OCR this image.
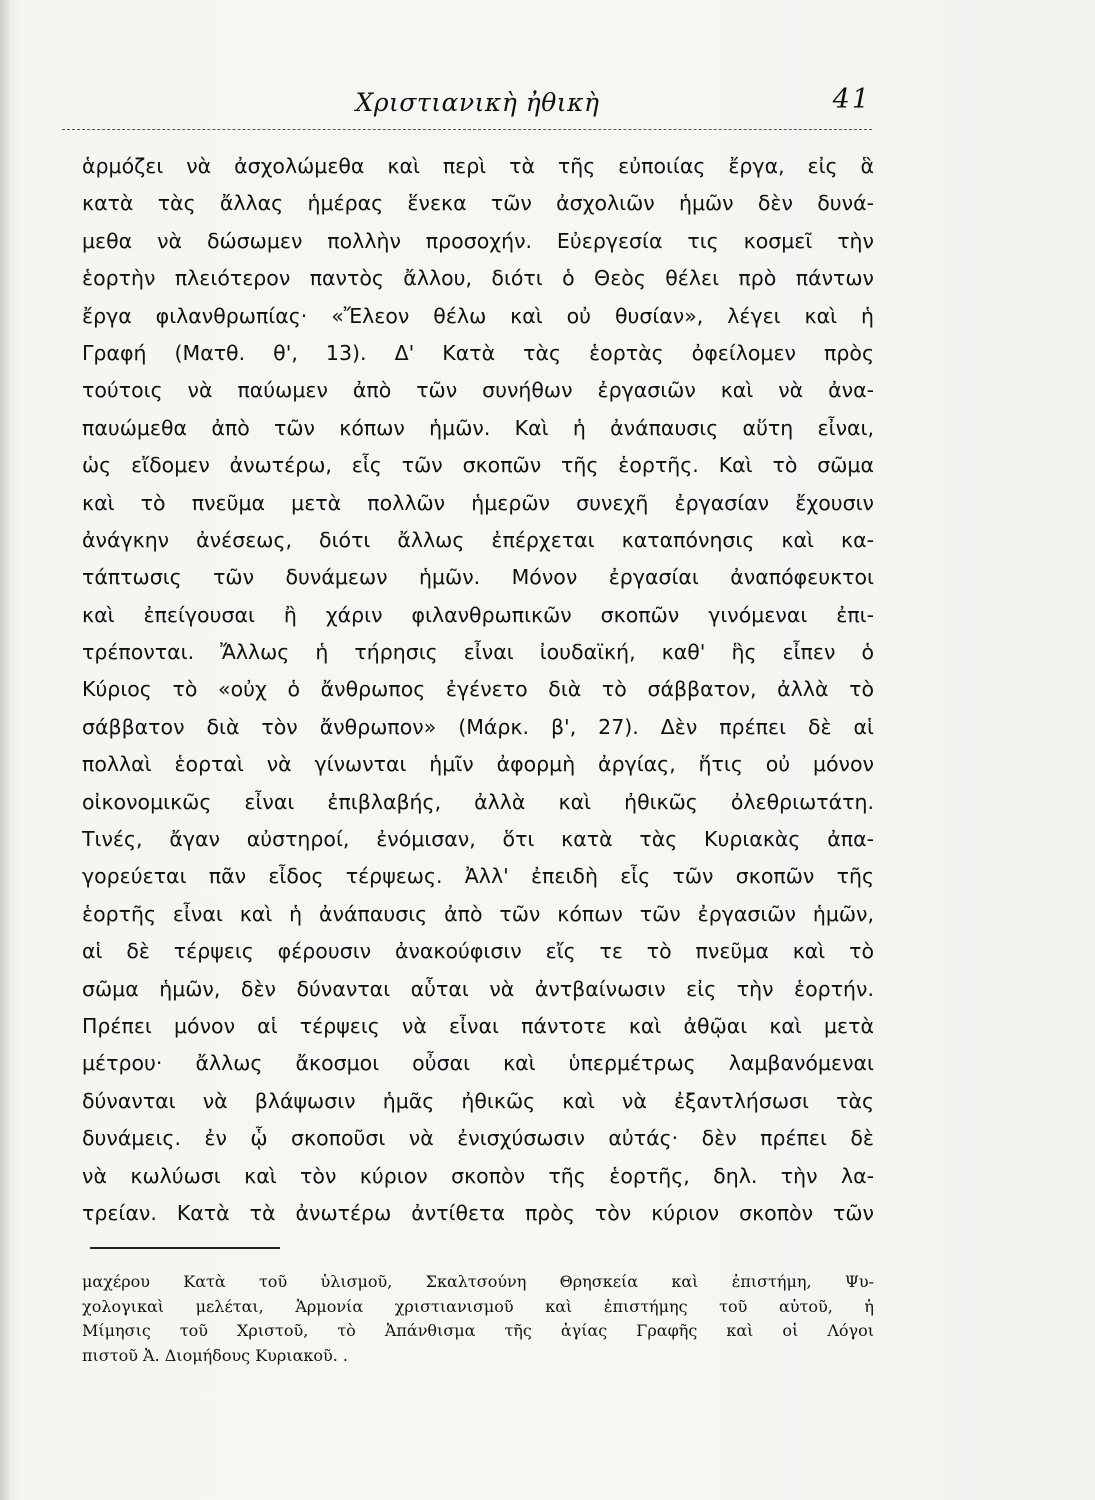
Χριστιανικὴ ἠθικὴ	41
ἁρμόζει νὰ ἀσχολώμεθα καὶ περὶ τὰ τῆς εὐποιίας ἔργα, εἰς ἃ
κατὰ τὰς ἄλλας ἡμέρας ἕνεκα τῶν ἀσχολιῶν ἡμῶν δὲν δυνά-
μεθα νὰ δώσωμεν πολλὴν προσοχήν. Εὐεργεσία τις κοσμεῖ τὴν
ἑορτὴν πλειότερον παντὸς ἄλλου, διότι ὁ Θεὸς θέλει πρὸ πάντων
ἔργα φιλανθρωπίας· «Ἔλεον θέλω καὶ οὐ θυσίαν», λέγει καὶ ἡ
Γραφή (Ματθ. θ', 13). Δ' Κατὰ τὰς ἑορτὰς ὀφείλομεν πρὸς
τούτοις νὰ παύωμεν ἀπὸ τῶν συνήθων ἐργασιῶν καὶ νὰ ἀνα-
παυώμεθα ἀπὸ τῶν κόπων ἡμῶν. Καὶ ἡ ἀνάπαυσις αὕτη εἶναι,
ὡς εἴδομεν ἀνωτέρω, εἷς τῶν σκοπῶν τῆς ἑορτῆς. Καὶ τὸ σῶμα
καὶ τὸ πνεῦμα μετὰ πολλῶν ἡμερῶν συνεχῆ ἐργασίαν ἔχουσιν
ἀνάγκην ἀνέσεως, διότι ἄλλως ἐπέρχεται καταπόνησις καὶ κα-
τάπτωσις τῶν δυνάμεων ἡμῶν. Μόνον ἐργασίαι ἀναπόφευκτοι
καὶ ἐπείγουσαι ἢ χάριν φιλανθρωπικῶν σκοπῶν γινόμεναι ἐπι-
τρέπονται. Ἄλλως ἡ τήρησις εἶναι ἰουδαϊκή, καθ' ἣς εἶπεν ὁ
Κύριος τὸ «οὐχ ὁ ἄνθρωπος ἐγένετο διὰ τὸ σάββατον, ἀλλὰ τὸ
σάββατον διὰ τὸν ἄνθρωπον» (Μάρκ. β', 27). Δὲν πρέπει δὲ αἱ
πολλαὶ ἑορταὶ νὰ γίνωνται ἡμῖν ἀφορμὴ ἀργίας, ἥτις οὐ μόνον
οἰκονομικῶς εἶναι ἐπιβλαβής, ἀλλὰ καὶ ἠθικῶς ὀλεθριωτάτη.
Τινές, ἄγαν αὐστηροί, ἐνόμισαν, ὅτι κατὰ τὰς Κυριακὰς ἀπα-
γορεύεται πᾶν εἶδος τέρψεως. Ἀλλ' ἐπειδὴ εἷς τῶν σκοπῶν τῆς
ἑορτῆς εἶναι καὶ ἡ ἀνάπαυσις ἀπὸ τῶν κόπων τῶν ἐργασιῶν ἡμῶν,
αἱ δὲ τέρψεις φέρουσιν ἀνακούφισιν εἴς τε τὸ πνεῦμα καὶ τὸ
σῶμα ἡμῶν, δὲν δύνανται αὗται νὰ ἀντβαίνωσιν εἰς τὴν ἑορτήν.
Πρέπει μόνον αἱ τέρψεις νὰ εἶναι πάντοτε καὶ ἀθῷαι καὶ μετὰ
μέτρου· ἄλλως ἄκοσμοι οὖσαι καὶ ὑπερμέτρως λαμβανόμεναι
δύνανται νὰ βλάψωσιν ἡμᾶς ἠθικῶς καὶ νὰ ἐξαντλήσωσι τὰς
δυνάμεις. ἐν ᾧ σκοποῦσι νὰ ἐνισχύσωσιν αὐτάς· δὲν πρέπει δὲ
νὰ κωλύωσι καὶ τὸν κύριον σκοπὸν τῆς ἑορτῆς, δηλ. τὴν λα-
τρείαν. Κατὰ τὰ ἀνωτέρω ἀντίθετα πρὸς τὸν κύριον σκοπὸν τῶν
μαχέρου Κατὰ τοῦ ὑλισμοῦ, Σκαλτσούνη Θρησκεία καὶ ἐπιστήμη, Ψυ-
χολογικαὶ μελέται, Ἁρμονία χριστιανισμοῦ καὶ ἐπιστήμης τοῦ αὐτοῦ, ἡ
Μίμησις τοῦ Χριστοῦ, τὸ Ἀπάνθισμα τῆς ἁγίας Γραφῆς καὶ οἱ Λόγοι
πιστοῦ Ἀ. Διομήδους Κυριακοῦ. .
